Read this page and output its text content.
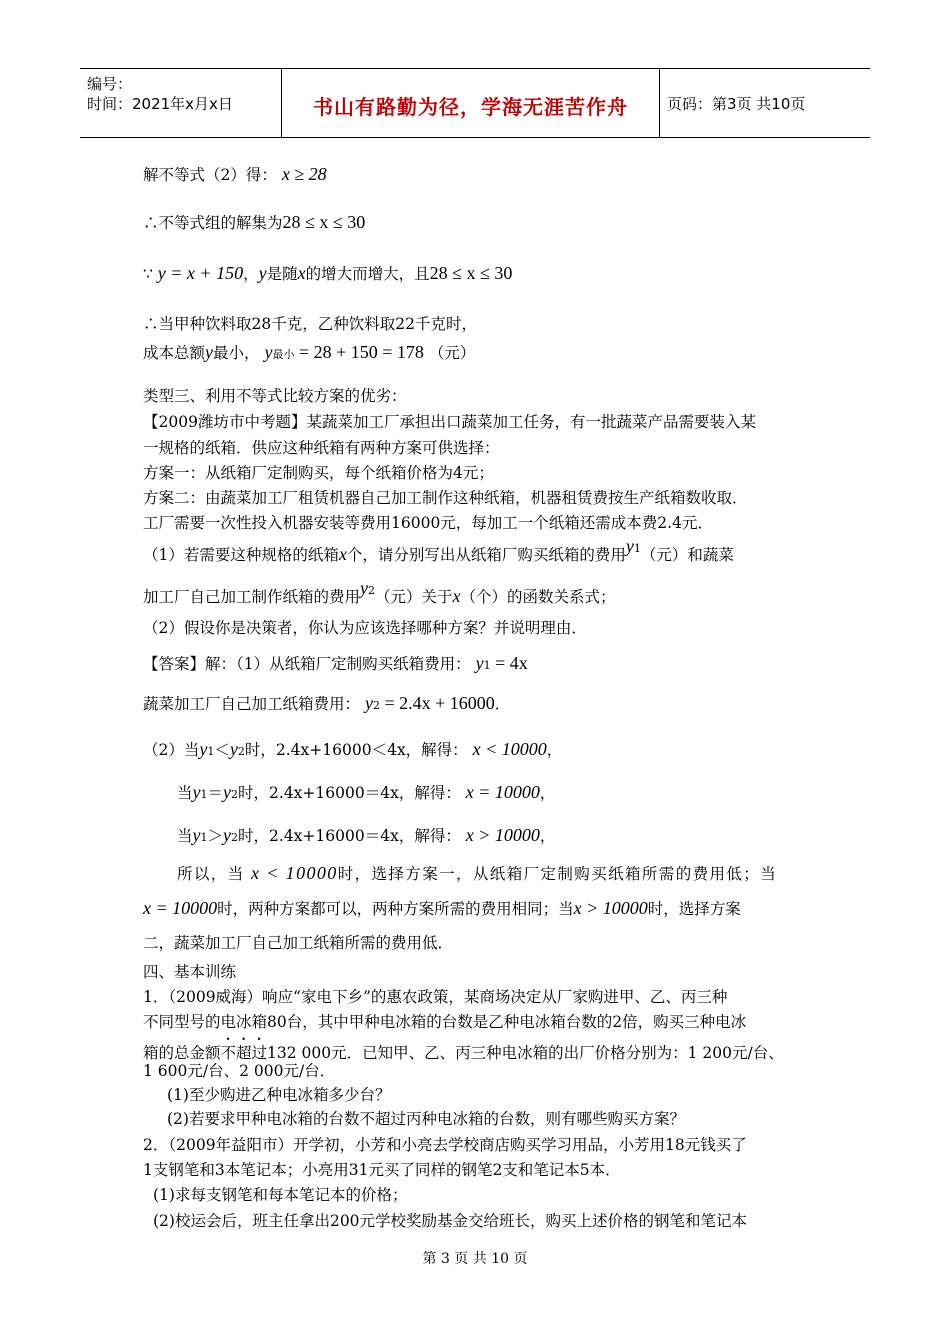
编号：
时间：2021年x月x日	书山有路勤为径，学海无涯苦作舟	页码：第3页 共10页
解不等式（2）得： x ≥ 28
∴不等式组的解集为28 ≤ x ≤ 30
∵ y = x + 150，y是随x的增大而增大，且28 ≤ x ≤ 30
∴当甲种饮料取28千克，乙种饮料取22千克时，
成本总额y最小， y最小 = 28 + 150 = 178 （元）
类型三、利用不等式比较方案的优劣：
【2009潍坊市中考题】某蔬菜加工厂承担出口蔬菜加工任务，有一批蔬菜产品需要装入某
一规格的纸箱．供应这种纸箱有两种方案可供选择：
方案一：从纸箱厂定制购买，每个纸箱价格为4元；
方案二：由蔬菜加工厂租赁机器自己加工制作这种纸箱，机器租赁费按生产纸箱数收取．
工厂需要一次性投入机器安装等费用16000元，每加工一个纸箱还需成本费2.4元．
（1）若需要这种规格的纸箱x个，请分别写出从纸箱厂购买纸箱的费用y1（元）和蔬菜
加工厂自己加工制作纸箱的费用y2（元）关于x（个）的函数关系式；
（2）假设你是决策者，你认为应该选择哪种方案？并说明理由．
【答案】解：（1）从纸箱厂定制购买纸箱费用： y1 = 4x
蔬菜加工厂自己加工纸箱费用： y2 = 2.4x + 16000．
（2）当y1＜y2时，2.4x+16000＜4x，解得： x < 10000，
当y1＝y2时，2.4x+16000＝4x，解得： x = 10000，
当y1＞y2时，2.4x+16000＝4x，解得： x > 10000，
所以，当 x < 10000时，选择方案一，从纸箱厂定制购买纸箱所需的费用低；当
x = 10000时，两种方案都可以，两种方案所需的费用相同；当x > 10000时，选择方案
二，蔬菜加工厂自己加工纸箱所需的费用低．
四、基本训练
1．（2009威海）响应“家电下乡”的惠农政策，某商场决定从厂家购进甲、乙、丙三种
不同型号的电冰箱80台，其中甲种电冰箱的台数是乙种电冰箱台数的2倍，购买三种电冰
箱的总金额不超过132 000元．已知甲、乙、丙三种电冰箱的出厂价格分别为：1 200元/台、
1 600元/台、2 000元/台．
(1)至少购进乙种电冰箱多少台？
(2)若要求甲种电冰箱的台数不超过丙种电冰箱的台数，则有哪些购买方案？
2．（2009年益阳市）开学初，小芳和小亮去学校商店购买学习用品，小芳用18元钱买了
1支钢笔和3本笔记本；小亮用31元买了同样的钢笔2支和笔记本5本．
(1)求每支钢笔和每本笔记本的价格；
(2)校运会后，班主任拿出200元学校奖励基金交给班长，购买上述价格的钢笔和笔记本
第 3 页 共 10 页
